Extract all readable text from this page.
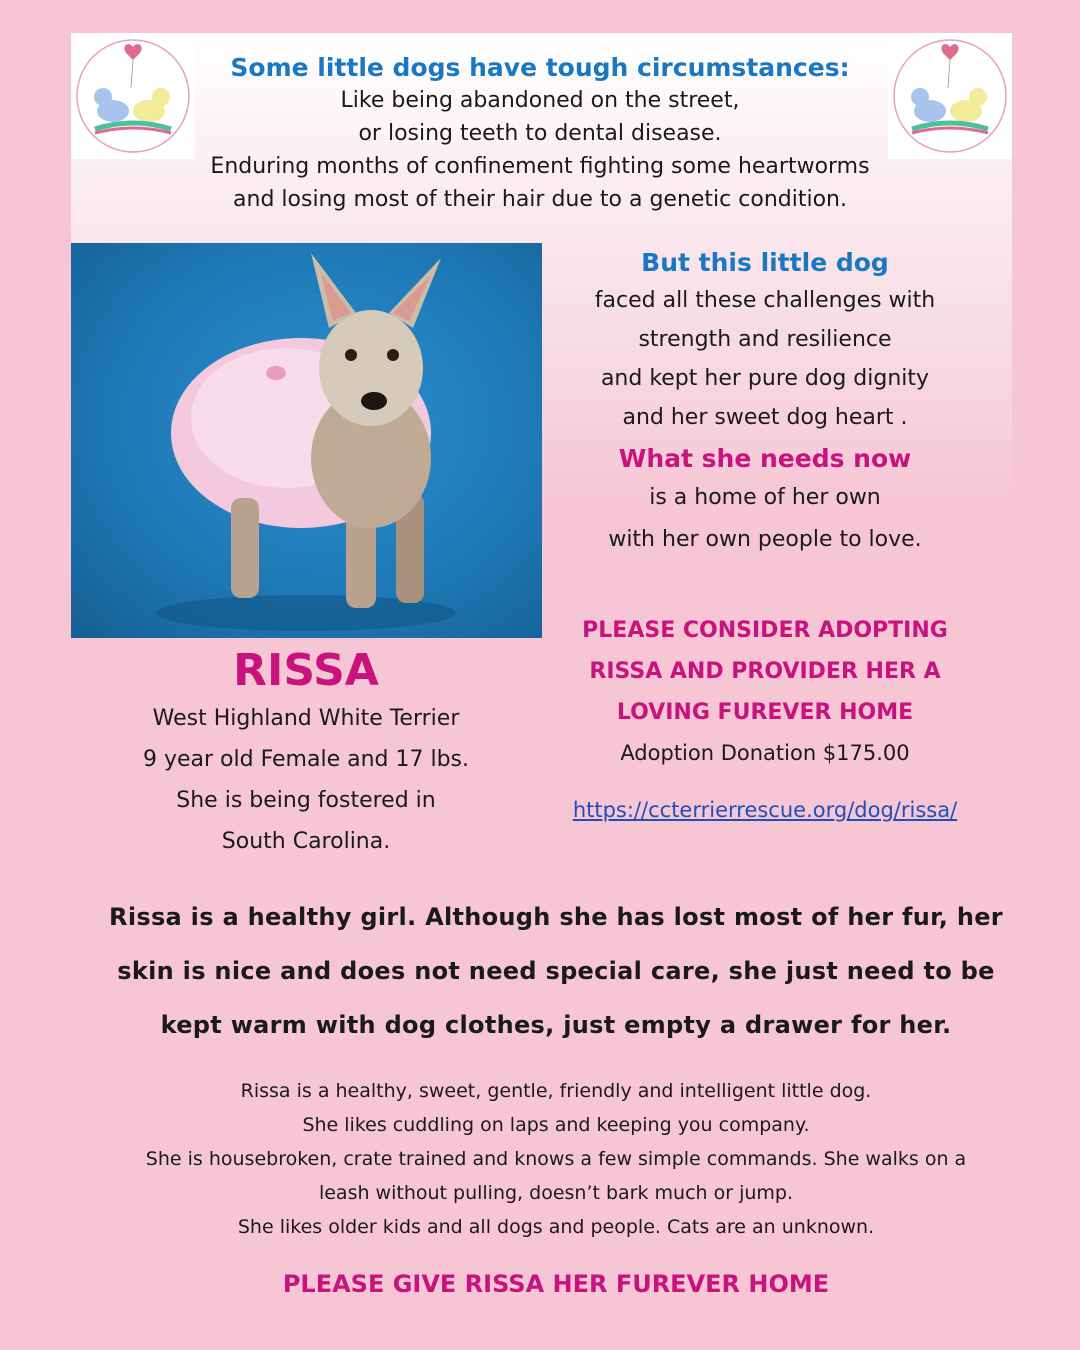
Some little dogs have tough circumstances:
Like being abandoned on the street,
or losing teeth to dental disease.
Enduring months of confinement fighting some heartworms
and losing most of their hair due to a genetic condition.
But this little dog
faced all these challenges with
strength and resilience
and kept her pure dog dignity
and her sweet dog heart .
What she needs now
is a home of her own
with her own people to love.
PLEASE CONSIDER ADOPTING
RISSA AND PROVIDER HER A
LOVING FUREVER HOME
Adoption Donation $175.00
https://ccterrierrescue.org/dog/rissa/
RISSA
West Highland White Terrier
9 year old Female and 17 lbs.
She is being fostered in
South Carolina.
Rissa is a healthy girl. Although she has lost most of her fur, her
skin is nice and does not need special care, she just need to be
kept warm with dog clothes, just empty a drawer for her.
Rissa is a healthy, sweet, gentle, friendly and intelligent little dog.
She likes cuddling on laps and keeping you company.
She is housebroken, crate trained and knows a few simple commands. She walks on a
leash without pulling, doesn’t bark much or jump.
She likes older kids and all dogs and people. Cats are an unknown.
PLEASE GIVE RISSA HER FUREVER HOME
